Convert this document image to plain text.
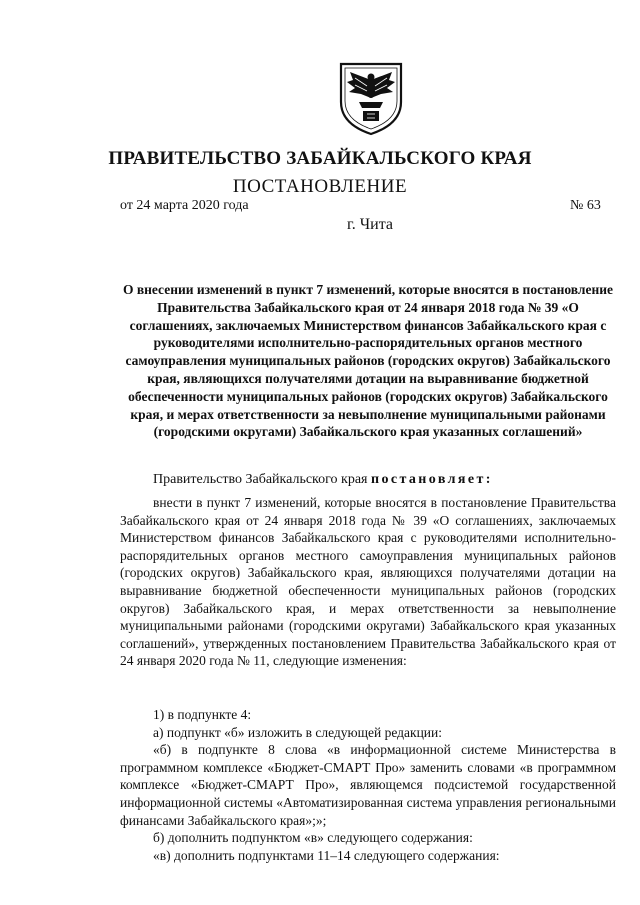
ПРАВИТЕЛЬСТВО ЗАБАЙКАЛЬСКОГО КРАЯ
ПОСТАНОВЛЕНИЕ
от 24 марта 2020 года	№ 63
г. Чита
О внесении изменений в пункт 7 изменений, которые вносятся в постановление Правительства Забайкальского края от 24 января 2018 года № 39 «О соглашениях, заключаемых Министерством финансов Забайкальского края с руководителями исполнительно-распорядительных органов местного самоуправления муниципальных районов (городских округов) Забайкальского края, являющихся получателями дотации на выравнивание бюджетной обеспеченности муниципальных районов (городских округов) Забайкальского края, и мерах ответственности за невыполнение муниципальными районами (городскими округами) Забайкальского края указанных соглашений»
Правительство Забайкальского края постановляет:
внести в пункт 7 изменений, которые вносятся в постановление Правительства Забайкальского края от 24 января 2018 года № 39 «О соглашениях, заключаемых Министерством финансов Забайкальского края с руководителями исполнительно-распорядительных органов местного самоуправления муниципальных районов (городских округов) Забайкальского края, являющихся получателями дотации на выравнивание бюджетной обеспеченности муниципальных районов (городских округов) Забайкальского края, и мерах ответственности за невыполнение муниципальными районами (городскими округами) Забайкальского края указанных соглашений», утвержденных постановлением Правительства Забайкальского края от 24 января 2020 года № 11, следующие изменения:

1) в подпункте 4:

а) подпункт «б» изложить в следующей редакции:

«б) в подпункте 8 слова «в информационной системе Министерства в программном комплексе «Бюджет-СМАРТ Про» заменить словами «в программном комплексе «Бюджет-СМАРТ Про», являющемся подсистемой государственной информационной системы «Автоматизированная система управления региональными финансами Забайкальского края»;»;

б) дополнить подпунктом «в» следующего содержания:

«в) дополнить подпунктами 11–14 следующего содержания:
